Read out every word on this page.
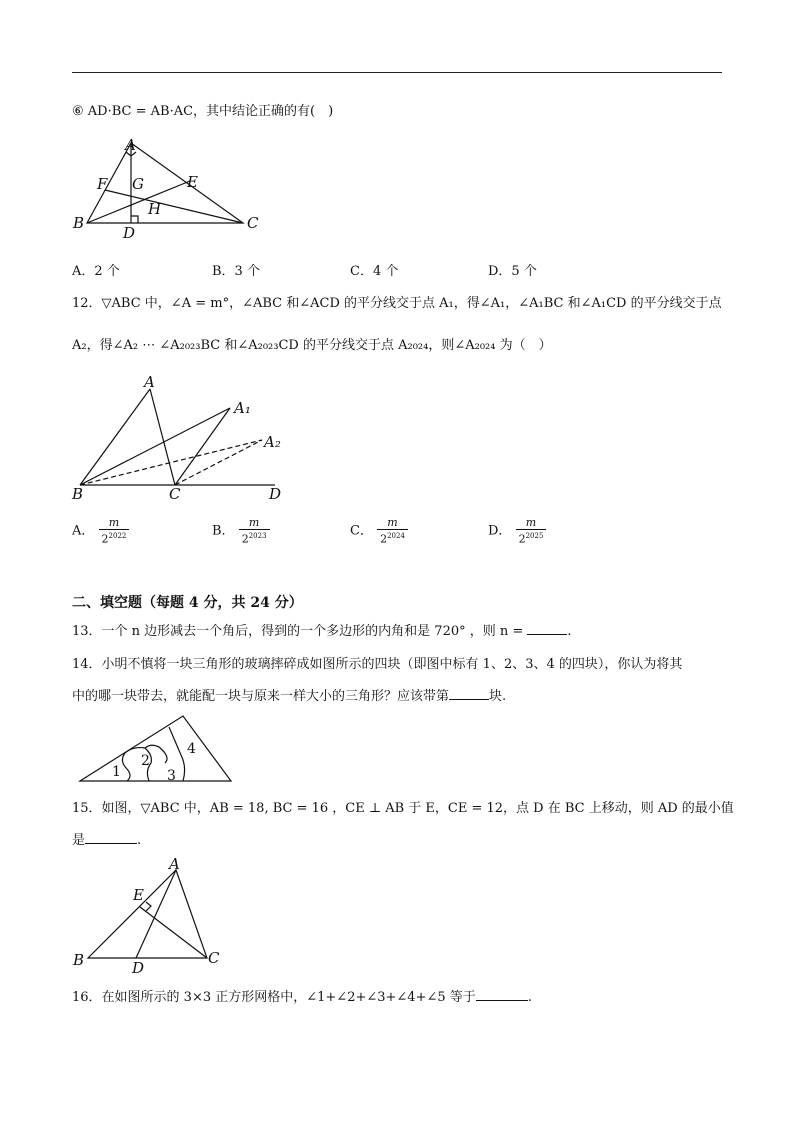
⑥ AD·BC = AB·AC，其中结论正确的有(　)
A
B	C
D
E
F G
H
A．2 个	B．3 个	C．4 个	D．5 个
12．▽ABC 中，∠A = m°，∠ABC 和∠ACD 的平分线交于点 A₁，得∠A₁，∠A₁BC 和∠A₁CD 的平分线交于点
A₂，得∠A₂ ⋯ ∠A₂₀₂₃BC 和∠A₂₀₂₃CD 的平分线交于点 A₂₀₂₄，则∠A₂₀₂₄ 为（　）
A
A₁
A₂
B	C	D
A． $\frac{m}{2^{2022}}$	B． $\frac{m}{2^{2023}}$	C． $\frac{m}{2^{2024}}$	D． $\frac{m}{2^{2025}}$
二、填空题（每题 4 分，共 24 分）
13．一个 n 边形减去一个角后，得到的一个多边形的内角和是 720° ，则 n =	.
14．小明不慎将一块三角形的玻璃摔碎成如图所示的四块（即图中标有 1、2、3、4 的四块），你认为将其
中的哪一块带去，就能配一块与原来一样大小的三角形？应该带第	块.
1
2
3
4
15．如图，▽ABC 中，AB = 18, BC = 16 ，CE ⊥ AB 于 E，CE = 12，点 D 在 BC 上移动，则 AD 的最小值
是	.
A
B	C
D
E
16．在如图所示的 3×3 正方形网格中，∠1+∠2+∠3+∠4+∠5 等于	.
